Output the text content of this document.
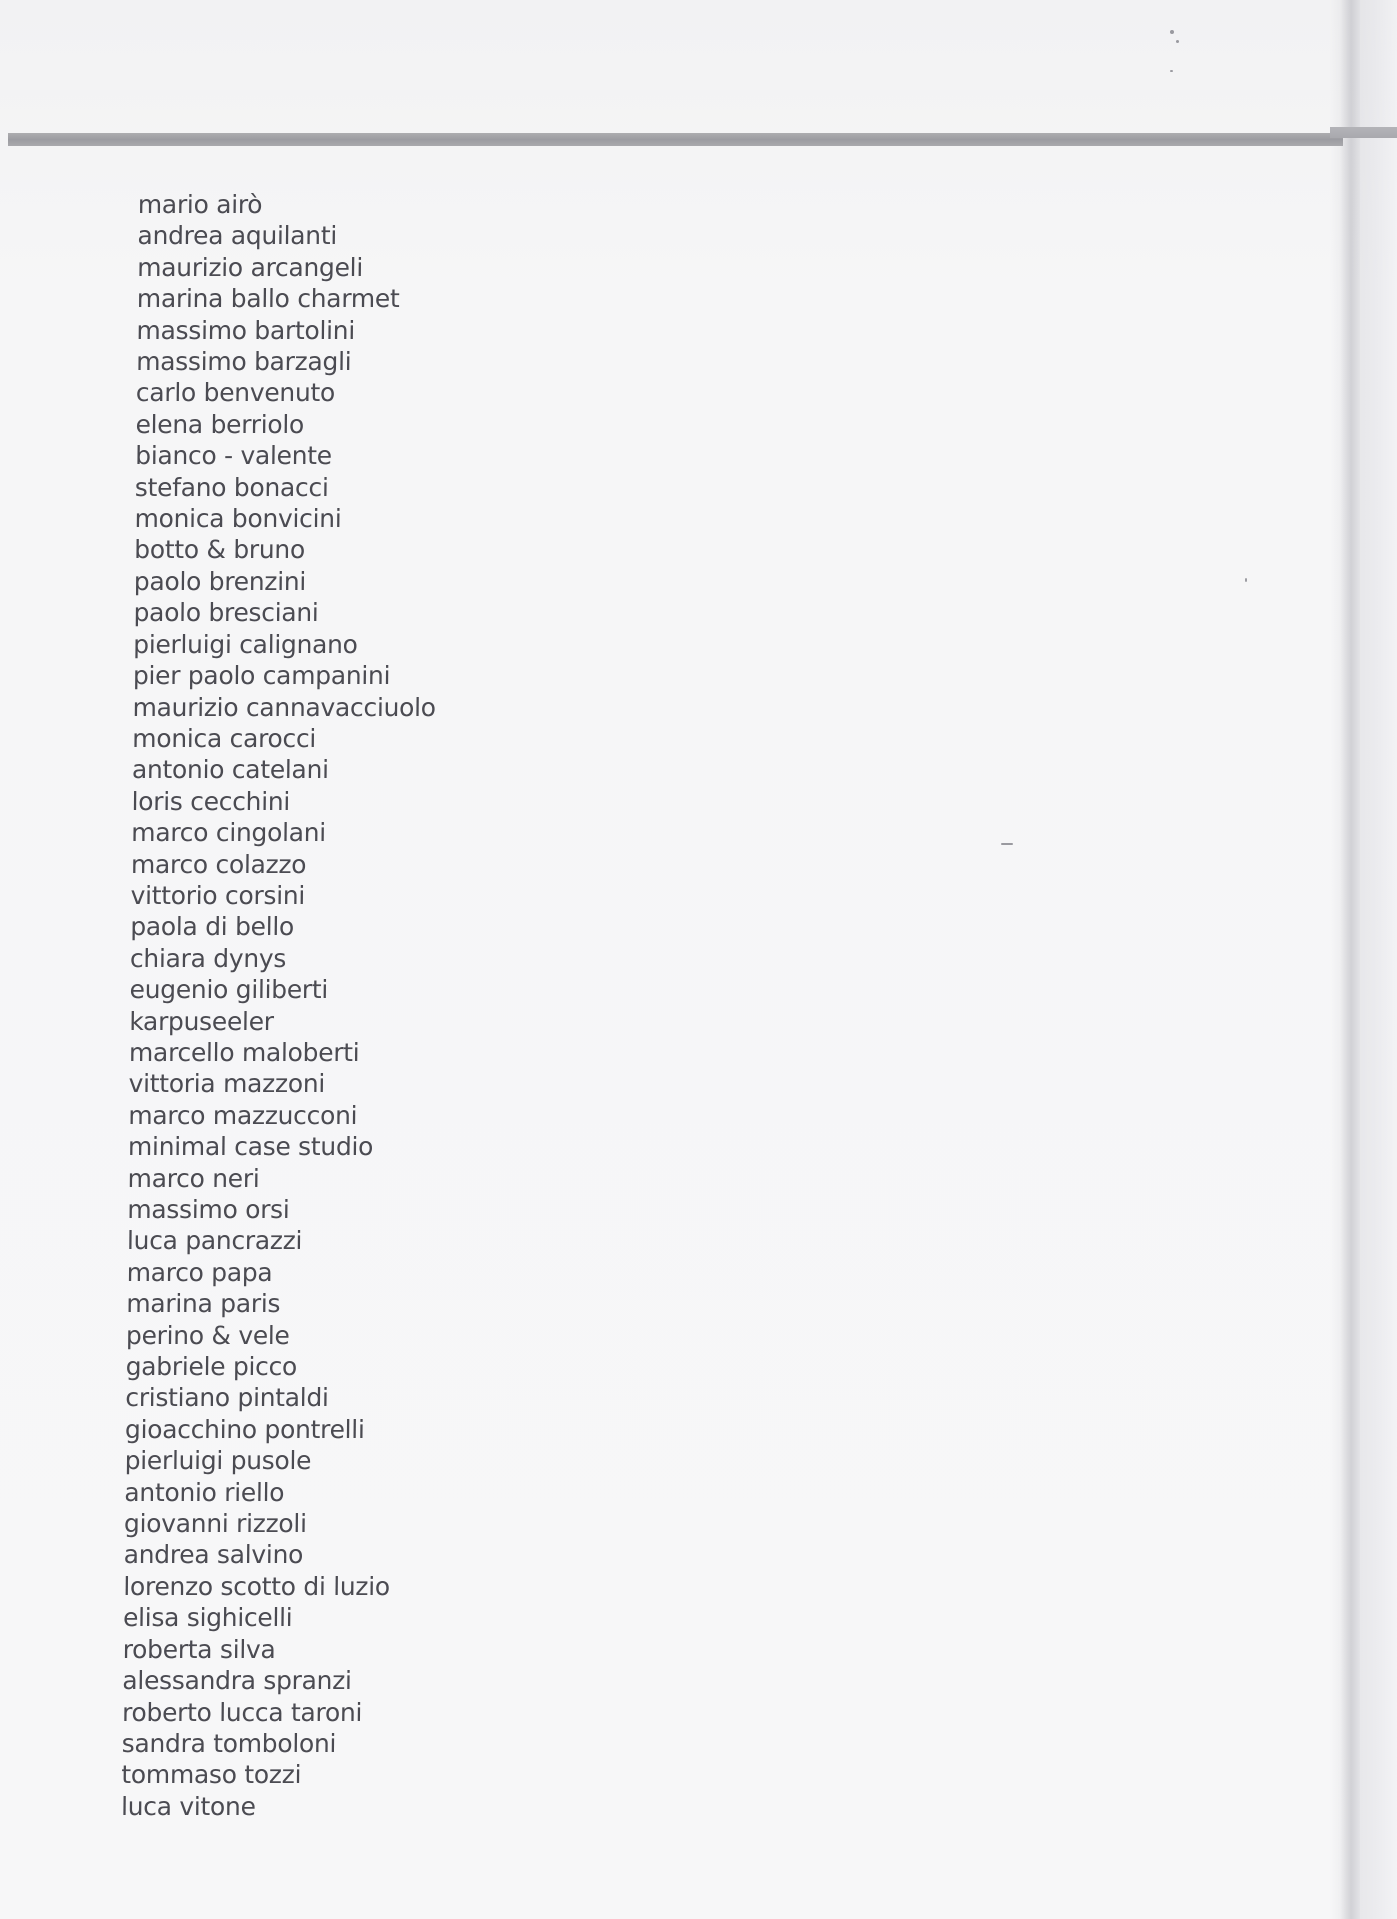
mario airò
andrea aquilanti
maurizio arcangeli
marina ballo charmet
massimo bartolini
massimo barzagli
carlo benvenuto
elena berriolo
bianco - valente
stefano bonacci
monica bonvicini
botto & bruno
paolo brenzini
paolo bresciani
pierluigi calignano
pier paolo campanini
maurizio cannavacciuolo
monica carocci
antonio catelani
loris cecchini
marco cingolani
marco colazzo
vittorio corsini
paola di bello
chiara dynys
eugenio giliberti
karpuseeler
marcello maloberti
vittoria mazzoni
marco mazzucconi
minimal case studio
marco neri
massimo orsi
luca pancrazzi
marco papa
marina paris
perino & vele
gabriele picco
cristiano pintaldi
gioacchino pontrelli
pierluigi pusole
antonio riello
giovanni rizzoli
andrea salvino
lorenzo scotto di luzio
elisa sighicelli
roberta silva
alessandra spranzi
roberto lucca taroni
sandra tomboloni
tommaso tozzi
luca vitone
